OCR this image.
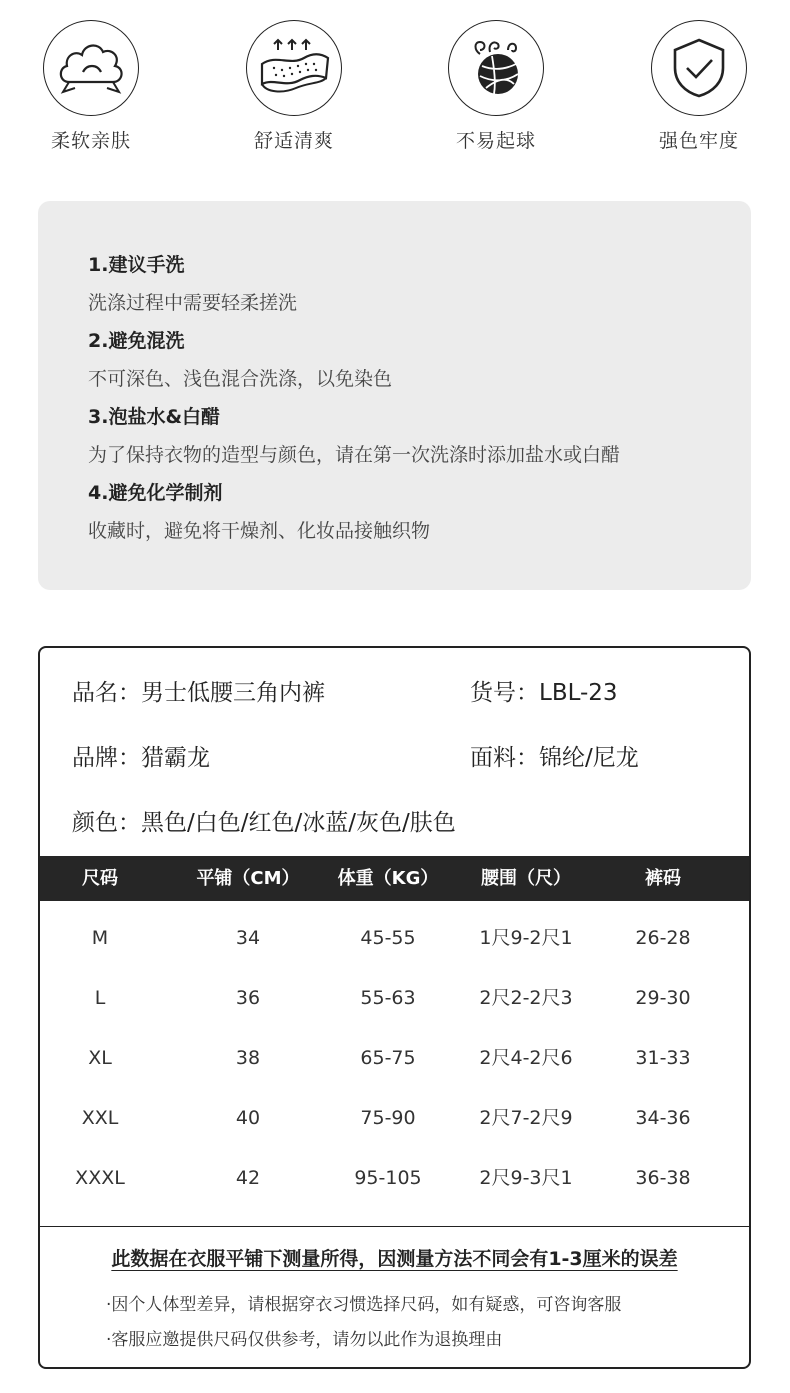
柔软亲肤	舒适清爽	不易起球	强色牢度
1.建议手洗
洗涤过程中需要轻柔搓洗
2.避免混洗
不可深色、浅色混合洗涤，以免染色
3.泡盐水&白醋
为了保持衣物的造型与颜色，请在第一次洗涤时添加盐水或白醋
4.避免化学制剂
收藏时，避免将干燥剂、化妆品接触织物
品名：男士低腰三角内裤	货号：LBL-23
品牌：猎霸龙	面料：锦纶/尼龙
颜色：黑色/白色/红色/冰蓝/灰色/肤色
尺码	平铺（CM）	体重（KG）	腰围（尺）	裤码
M	34	45-55	1尺9-2尺1	26-28
L	36	55-63	2尺2-2尺3	29-30
XL	38	65-75	2尺4-2尺6	31-33
XXL	40	75-90	2尺7-2尺9	34-36
XXXL	42	95-105	2尺9-3尺1	36-38
此数据在衣服平铺下测量所得，因测量方法不同会有1-3厘米的误差
·因个人体型差异，请根据穿衣习惯选择尺码，如有疑惑，可咨询客服
·客服应邀提供尺码仅供参考，请勿以此作为退换理由
